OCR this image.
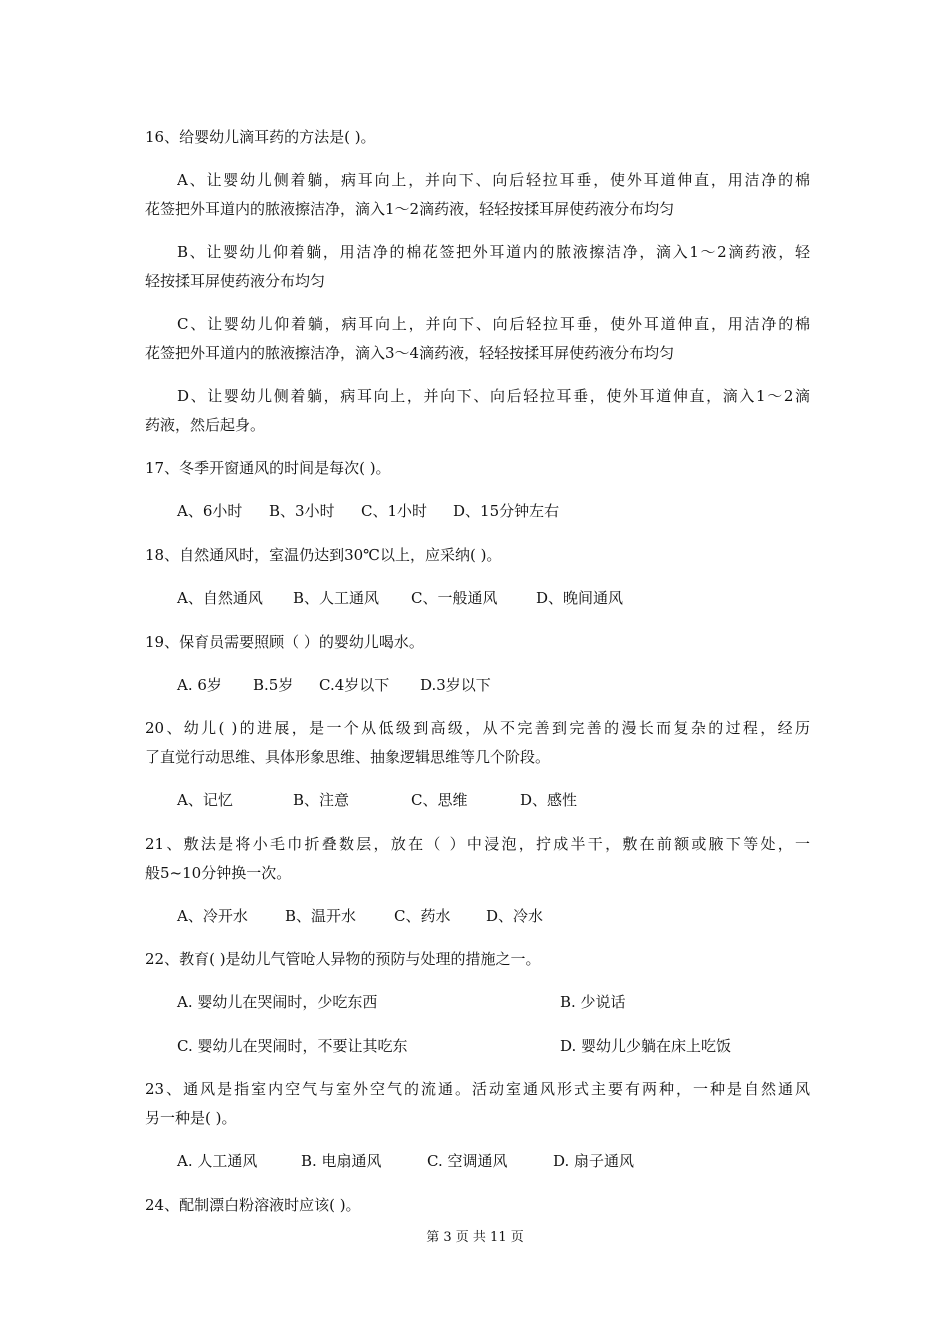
16、给婴幼儿滴耳药的方法是( )。
A、让婴幼儿侧着躺，病耳向上，并向下、向后轻拉耳垂，使外耳道伸直，用洁净的棉
花签把外耳道内的脓液擦洁净，滴入1～2滴药液，轻轻按揉耳屏使药液分布均匀
B、让婴幼儿仰着躺，用洁净的棉花签把外耳道内的脓液擦洁净，滴入1～2滴药液，轻
轻按揉耳屏使药液分布均匀
C、让婴幼儿仰着躺，病耳向上，并向下、向后轻拉耳垂，使外耳道伸直，用洁净的棉
花签把外耳道内的脓液擦洁净，滴入3～4滴药液，轻轻按揉耳屏使药液分布均匀
D、让婴幼儿侧着躺，病耳向上，并向下、向后轻拉耳垂，使外耳道伸直，滴入1～2滴
药液，然后起身。
17、冬季开窗通风的时间是每次( )。
A、6小时 B、3小时 C、1小时 D、15分钟左右
18、自然通风时，室温仍达到30℃以上，应采纳( )。
A、自然通风 B、人工通风 C、一般通风	D、晚间通风
19、保育员需要照顾（ ）的婴幼儿喝水。
A. 6岁 B.5岁 C.4岁以下 D.3岁以下
20、幼儿( )的进展，是一个从低级到高级，从不完善到完善的漫长而复杂的过程，经历
了直觉行动思维、具体形象思维、抽象逻辑思维等几个阶段。
A、记忆	B、注意	C、思维	D、感性
21、敷法是将小毛巾折叠数层，放在（ ）中浸泡，拧成半干，敷在前额或腋下等处，一
般5~10分钟换一次。
A、冷开水 B、温开水	C、药水 D、冷水
22、教育( )是幼儿气管呛人异物的预防与处理的措施之一。
A. 婴幼儿在哭闹时，少吃东西	B. 少说话
C. 婴幼儿在哭闹时，不要让其吃东	D. 婴幼儿少躺在床上吃饭
23、通风是指室内空气与室外空气的流通。活动室通风形式主要有两种，一种是自然通风
另一种是( )。
A. 人工通风	B. 电扇通风	C. 空调通风	D. 扇子通风
24、配制漂白粉溶液时应该( )。
第 3 页 共 11 页
